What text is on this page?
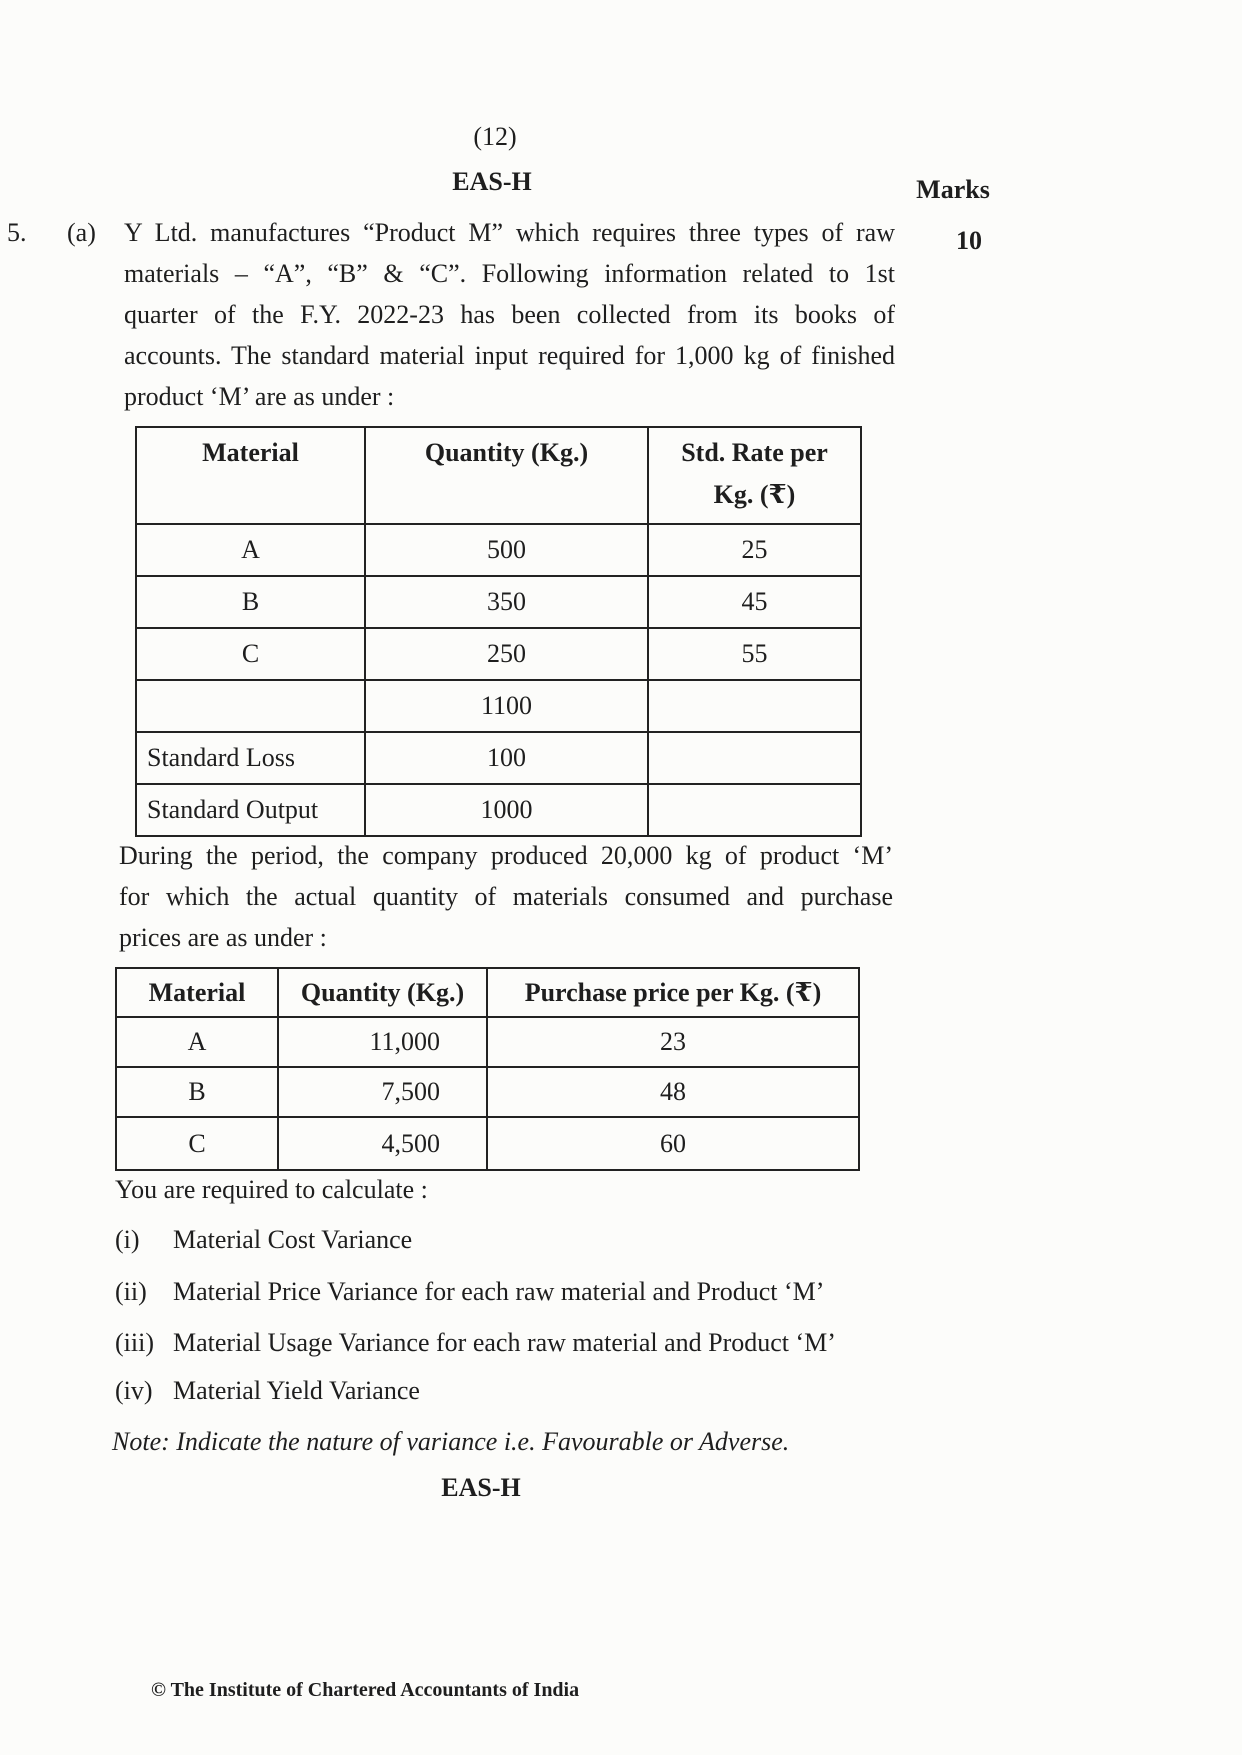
(12)
EAS-H	Marks
5. (a)	10
Y Ltd. manufactures “Product M” which requires three types of raw
materials – “A”, “B” & “C”. Following information related to 1st
quarter of the F.Y. 2022-23 has been collected from its books of
accounts. The standard material input required for 1,000 kg of finished
product ‘M’ are as under :
Material	Quantity (Kg.)	Std. Rate per
Kg. (₹)
A	500	25
B	350	45
C	250	55
	1100	
Standard Loss	100	
Standard Output	1000	
During the period, the company produced 20,000 kg of product ‘M’
for which the actual quantity of materials consumed and purchase
prices are as under :
Material	Quantity (Kg.)	Purchase price per Kg. (₹)
A	11,000	23
B	7,500	48
C	4,500	60
You are required to calculate :
(i) Material Cost Variance
(ii) Material Price Variance for each raw material and Product ‘M’
(iii) Material Usage Variance for each raw material and Product ‘M’
(iv) Material Yield Variance
Note: Indicate the nature of variance i.e. Favourable or Adverse.
EAS-H
© The Institute of Chartered Accountants of India
